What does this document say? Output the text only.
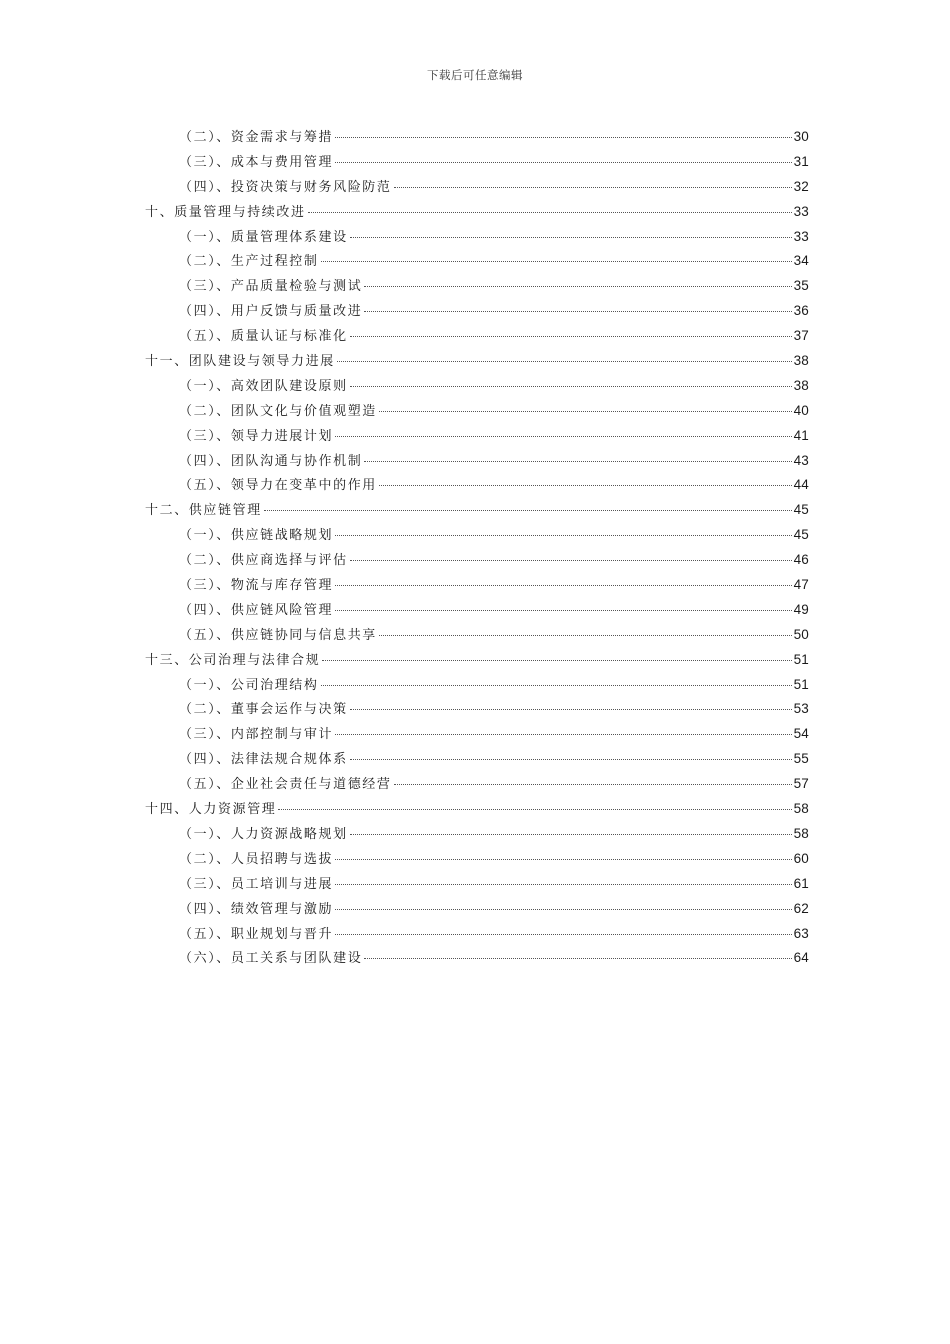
下载后可任意编辑
（二）、资金需求与筹措	30
（三）、成本与费用管理	31
（四）、投资决策与财务风险防范	32
十、质量管理与持续改进	33
（一）、质量管理体系建设	33
（二）、生产过程控制	34
（三）、产品质量检验与测试	35
（四）、用户反馈与质量改进	36
（五）、质量认证与标准化	37
十一、团队建设与领导力进展	38
（一）、高效团队建设原则	38
（二）、团队文化与价值观塑造	40
（三）、领导力进展计划	41
（四）、团队沟通与协作机制	43
（五）、领导力在变革中的作用	44
十二、供应链管理	45
（一）、供应链战略规划	45
（二）、供应商选择与评估	46
（三）、物流与库存管理	47
（四）、供应链风险管理	49
（五）、供应链协同与信息共享	50
十三、公司治理与法律合规	51
（一）、公司治理结构	51
（二）、董事会运作与决策	53
（三）、内部控制与审计	54
（四）、法律法规合规体系	55
（五）、企业社会责任与道德经营	57
十四、人力资源管理	58
（一）、人力资源战略规划	58
（二）、人员招聘与选拔	60
（三）、员工培训与进展	61
（四）、绩效管理与激励	62
（五）、职业规划与晋升	63
（六）、员工关系与团队建设	64
